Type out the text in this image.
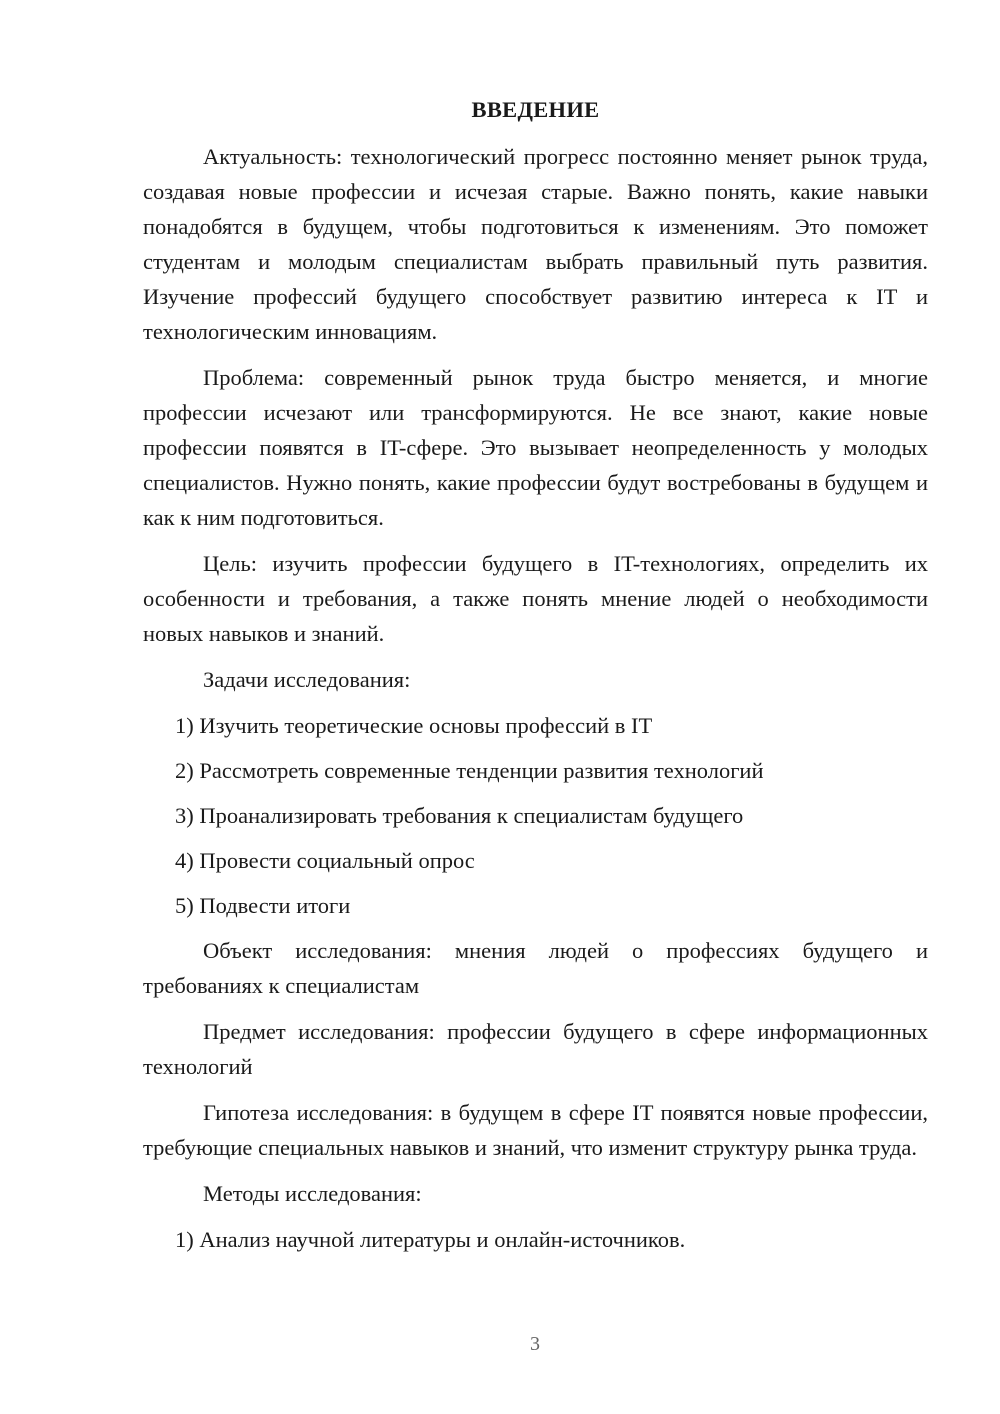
ВВЕДЕНИЕ

Актуальность: технологический прогресс постоянно меняет рынок труда, создавая новые профессии и исчезая старые. Важно понять, какие навыки понадобятся в будущем, чтобы подготовиться к изменениям. Это поможет студентам и молодым специалистам выбрать правильный путь развития. Изучение профессий будущего способствует развитию интереса к IT и технологическим инновациям.

Проблема: современный рынок труда быстро меняется, и многие профессии исчезают или трансформируются. Не все знают, какие новые профессии появятся в IT-сфере. Это вызывает неопределенность у молодых специалистов. Нужно понять, какие профессии будут востребованы в будущем и как к ним подготовиться.

Цель: изучить профессии будущего в IT-технологиях, определить их особенности и требования, а также понять мнение людей о необходимости новых навыков и знаний.

Задачи исследования:

1) Изучить теоретические основы профессий в IT

2) Рассмотреть современные тенденции развития технологий

3) Проанализировать требования к специалистам будущего

4) Провести социальный опрос

5) Подвести итоги

Объект исследования: мнения людей о профессиях будущего и требованиях к специалистам

Предмет исследования: профессии будущего в сфере информационных технологий

Гипотеза исследования: в будущем в сфере IT появятся новые профессии, требующие специальных навыков и знаний, что изменит структуру рынка труда.

Методы исследования:

1) Анализ научной литературы и онлайн-источников.

3
